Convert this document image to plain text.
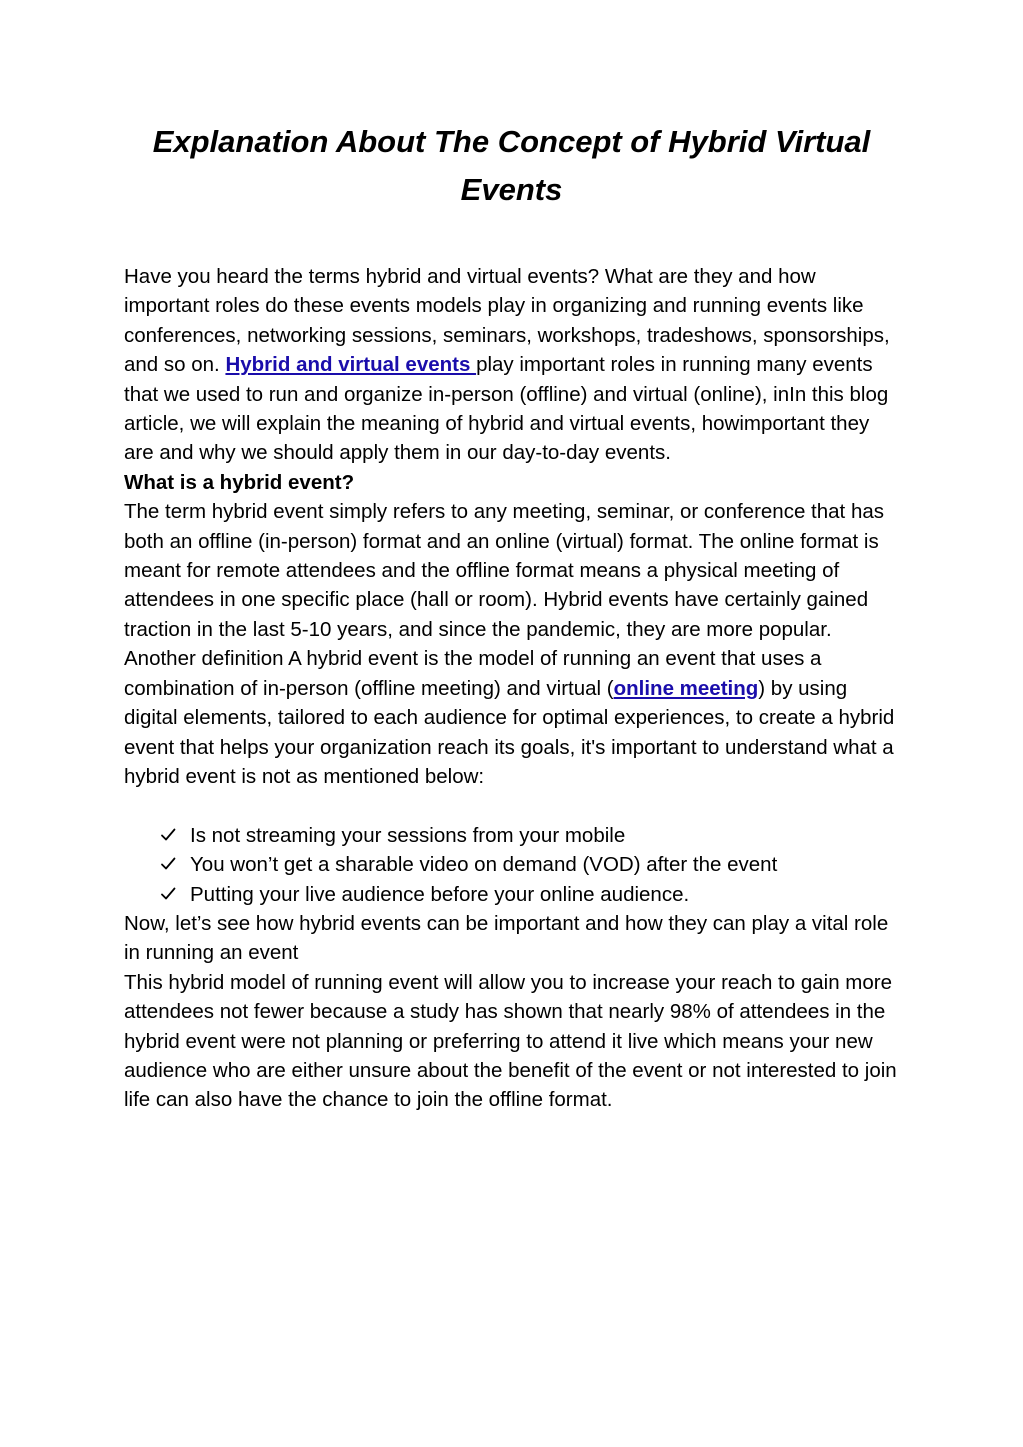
Explanation About The Concept of Hybrid Virtual Events

Have you heard the terms hybrid and virtual events? What are they and how important roles do these events models play in organizing and running events like conferences, networking sessions, seminars, workshops, tradeshows, sponsorships, and so on. Hybrid and virtual events play important roles in running many events that we used to run and organize in-person (offline) and virtual (online), inIn this blog article, we will explain the meaning of hybrid and virtual events, howimportant they are and why we should apply them in our day-to-day events.

What is a hybrid event?

The term hybrid event simply refers to any meeting, seminar, or conference that has both an offline (in-person) format and an online (virtual) format. The online format is meant for remote attendees and the offline format means a physical meeting of attendees in one specific place (hall or room). Hybrid events have certainly gained traction in the last 5-10 years, and since the pandemic, they are more popular. Another definition A hybrid event is the model of running an event that uses a combination of in-person (offline meeting) and virtual (online meeting) by using digital elements, tailored to each audience for optimal experiences, to create a hybrid event that helps your organization reach its goals, it's important to understand what a hybrid event is not as mentioned below:

Is not streaming your sessions from your mobile
You won’t get a sharable video on demand (VOD) after the event
Putting your live audience before your online audience.

Now, let’s see how hybrid events can be important and how they can play a vital role in running an event

This hybrid model of running event will allow you to increase your reach to gain more attendees not fewer because a study has shown that nearly 98% of attendees in the hybrid event were not planning or preferring to attend it live which means your new audience who are either unsure about the benefit of the event or not interested to join life can also have the chance to join the offline format.
